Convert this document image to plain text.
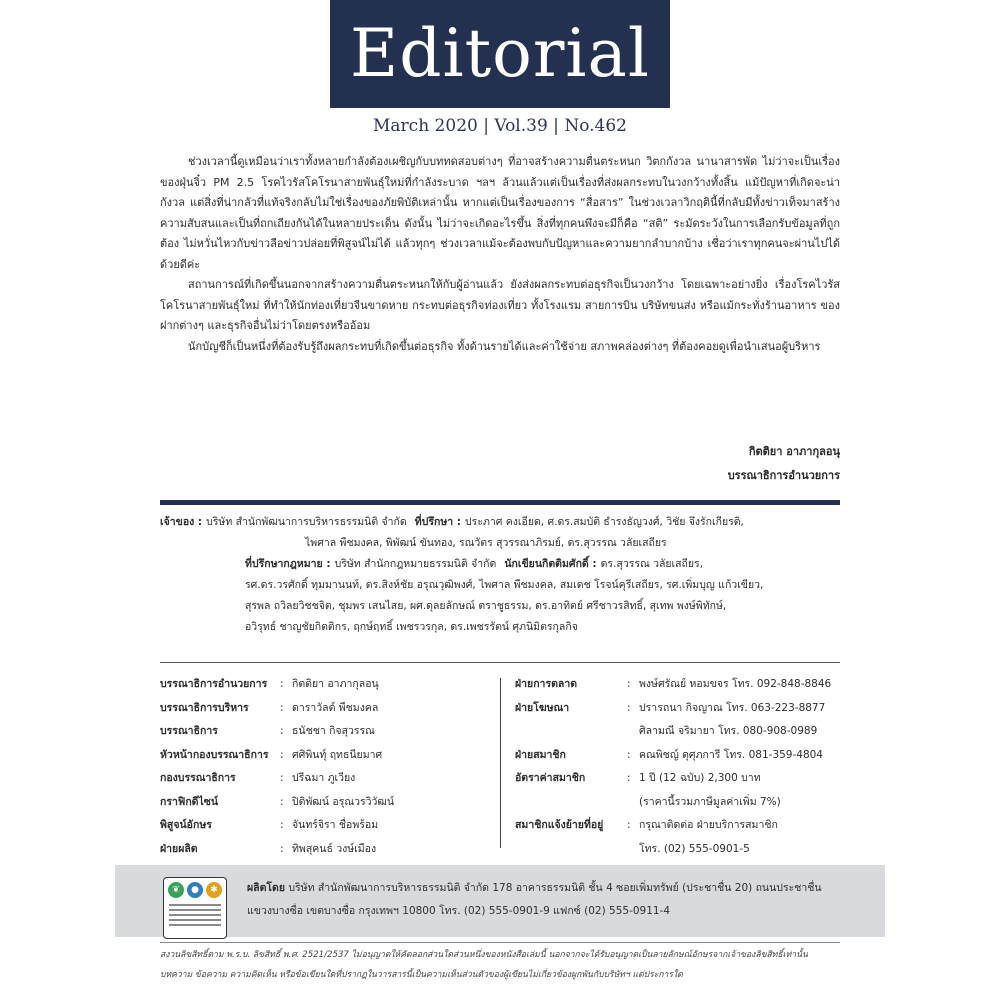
Editorial
March 2020 | Vol.39 | No.462

ช่วงเวลานี้ดูเหมือนว่าเราทั้งหลายกำลังต้องเผชิญกับบททดสอบต่างๆ ที่อาจสร้างความตื่นตระหนก วิตกกังวล นานาสารพัด ไม่ว่าจะเป็นเรื่องของฝุ่นจิ๋ว PM 2.5 โรคไวรัสโคโรนาสายพันธุ์ใหม่ที่กำลังระบาด ฯลฯ ล้วนแล้วแต่เป็นเรื่องที่ส่งผลกระทบในวงกว้างทั้งสิ้น แม้ปัญหาที่เกิดจะน่ากังวล แต่สิ่งที่น่ากลัวที่แท้จริงกลับไม่ใช่เรื่องของภัยพิบัติเหล่านั้น หากแต่เป็นเรื่องของการ “สื่อสาร” ในช่วงเวลาวิกฤตินี้ที่กลับมีทั้งข่าวเท็จมาสร้างความสับสนและเป็นที่ถกเถียงกันได้ในหลายประเด็น ดังนั้น ไม่ว่าจะเกิดอะไรขึ้น สิ่งที่ทุกคนพึงจะมีก็คือ “สติ” ระมัดระวังในการเลือกรับข้อมูลที่ถูกต้อง ไม่หวั่นไหวกับข่าวลือข่าวปล่อยที่พิสูจน์ไม่ได้ แล้วทุกๆ ช่วงเวลาแม้จะต้องพบกับปัญหาและความยากลำบากบ้าง เชื่อว่าเราทุกคนจะผ่านไปได้ด้วยดีค่ะ

สถานการณ์ที่เกิดขึ้นนอกจากสร้างความตื่นตระหนกให้กับผู้อ่านแล้ว ยังส่งผลกระทบต่อธุรกิจเป็นวงกว้าง โดยเฉพาะอย่างยิ่ง เรื่องโรคไวรัสโคโรนาสายพันธุ์ใหม่ ที่ทำให้นักท่องเที่ยวจีนขาดหาย กระทบต่อธุรกิจท่องเที่ยว ทั้งโรงแรม สายการบิน บริษัทขนส่ง หรือแม้กระทั่งร้านอาหาร ของฝากต่างๆ และธุรกิจอื่นไม่ว่าโดยตรงหรืออ้อม

นักบัญชีก็เป็นหนึ่งที่ต้องรับรู้ถึงผลกระทบที่เกิดขึ้นต่อธุรกิจ ทั้งด้านรายได้และค่าใช้จ่าย สภาพคล่องต่างๆ ที่ต้องคอยดูเพื่อนำเสนอผู้บริหาร

กิตติยา อาภากุลอนุ
บรรณาธิการอำนวยการ
เจ้าของ : บริษัท สำนักพัฒนาการบริหารธรรมนิติ จำกัด ที่ปรึกษา : ประภาศ คงเอียด, ศ.ดร.สมบัติ ธำรงธัญวงศ์, วิชัย จึงรักเกียรติ,
ไพศาล พืชมงคล, พิพัฒน์ ขันทอง, รณวัตร สุวรรณาภิรมย์, ดร.สุวรรณ วลัยเสถียร
ที่ปรึกษากฎหมาย : บริษัท สำนักกฎหมายธรรมนิติ จำกัด นักเขียนกิตติมศักดิ์ : ดร.สุวรรณ วลัยเสถียร,
รศ.ดร.วรศักดิ์ ทุมมานนท์, ดร.สิงห์ชัย อรุณวุฒิพงศ์, ไพศาล พืชมงคล, สมเดช โรจน์คุรีเสถียร, รศ.เพิ่มบุญ แก้วเขียว,
สุรพล ถวิลยวิชชจิต, ชุมพร เสนไสย, ผศ.ดุลยลักษณ์ ตราชูธรรม, ดร.อาทิตย์ ศรีชาวรสิทธิ์, สุเทพ พงษ์พิทักษ์,
อวิรุทธ์ ชาญชัยกิตติกร, ฤกษ์ฤทธิ์ เพชรวรกุล, ดร.เพชรรัตน์ ศุภนิมิตรกุลกิจ
บรรณาธิการอำนวยการ	: กิตติยา อาภากุลอนุ
บรรณาธิการบริหาร	: ดาราวัลต์ พืชมงคล
บรรณาธิการ	: ธนัชชา กิจสุวรรณ
หัวหน้ากองบรรณาธิการ	: ศศิพินทุ์ ฤทธนียมาศ
กองบรรณาธิการ	: ปรีฉมา ภูเวียง
กราฟิกดีไซน์	: ปิติพัฒน์ อรุณวรวิวัฒน์
พิสูจน์อักษร	: จันทร์จิรา ชื่อพร้อม
ฝ่ายผลิต	: ทิพสุคนธ์ วงษ์เมือง
ฝ่ายการตลาด	: พงษ์ศรัณย์ หอมขจร โทร. 092-848-8846
ฝ่ายโฆษณา	: ปรารถนา กิจญาณ โทร. 063-223-8877
ศิลามณี จริมายา โทร. 080-908-0989
ฝ่ายสมาชิก	: คณพิชญ์ ดุศุภการี โทร. 081-359-4804
อัตราค่าสมาชิก	: 1 ปี (12 ฉบับ) 2,300 บาท
(ราคานี้รวมภาษีมูลค่าเพิ่ม 7%)
สมาชิกแจ้งย้ายที่อยู่	: กรุณาติดต่อ ฝ่ายบริการสมาชิก
โทร. (02) 555-0901-5
❦	●	✱	ผลิตโดย บริษัท สำนักพัฒนาการบริหารธรรมนิติ จำกัด 178 อาคารธรรมนิติ ชั้น 4 ซอยเพิ่มทรัพย์ (ประชาชื่น 20) ถนนประชาชื่น
แขวงบางซื่อ เขตบางซื่อ กรุงเทพฯ 10800 โทร. (02) 555-0901-9 แฟกซ์ (02) 555-0911-4
สงวนลิขสิทธิ์ตาม พ.ร.บ. ลิขสิทธิ์ พ.ศ. 2521/2537 ไม่อนุญาตให้คัดลอกส่วนใดส่วนหนึ่งของหนังสือเล่มนี้ นอกจากจะได้รับอนุญาตเป็นลายลักษณ์อักษรจากเจ้าของลิขสิทธิ์เท่านั้น
บทความ ข้อความ ความคิดเห็น หรือข้อเขียนใดที่ปรากฏในวารสารนี้เป็นความเห็นส่วนตัวของผู้เขียนไม่เกี่ยวข้องผูกพันกับบริษัทฯ แต่ประการใด
